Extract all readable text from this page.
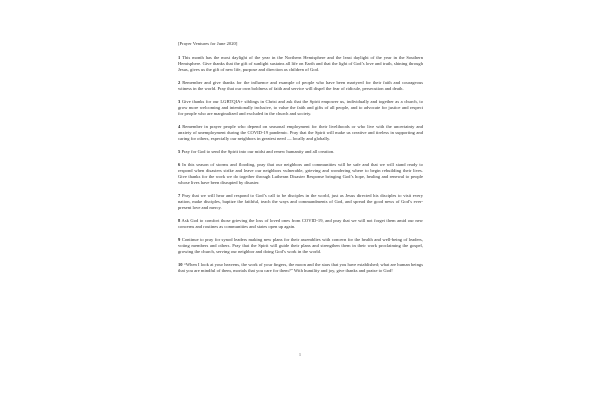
[Prayer Ventures for June 2020]

1 This month has the most daylight of the year in the Northern Hemisphere and the least daylight of the year in the Southern Hemisphere. Give thanks that the gift of sunlight sustains all life on Earth and that the light of God’s love and truth, shining through Jesus, gives us the gift of new life, purpose and direction as children of God.

2 Remember and give thanks for the influence and example of people who have been martyred for their faith and courageous witness in the world. Pray that our own boldness of faith and service will dispel the fear of ridicule, persecution and death.

3 Give thanks for our LGBTQIA+ siblings in Christ and ask that the Spirit empower us, individually and together as a church, to grow more welcoming and intentionally inclusive, to value the faith and gifts of all people, and to advocate for justice and respect for people who are marginalized and excluded in the church and society.

4 Remember in prayer people who depend on seasonal employment for their livelihoods or who live with the uncertainty and anxiety of unemployment during the COVID-19 pandemic. Pray that the Spirit will make us creative and tireless in supporting and caring for others, especially our neighbors in greatest need — locally and globally.

5 Pray for God to send the Spirit into our midst and renew humanity and all creation.

6 In this season of storms and flooding, pray that our neighbors and communities will be safe and that we will stand ready to respond when disasters strike and leave our neighbors vulnerable, grieving and wondering where to begin rebuilding their lives. Give thanks for the work we do together through Lutheran Disaster Response bringing God’s hope, healing and renewal to people whose lives have been disrupted by disaster.

7 Pray that we will hear and respond to God’s call to be disciples in the world, just as Jesus directed his disciples to visit every nation, make disciples, baptize the faithful, teach the ways and commandments of God, and spread the good news of God’s ever-present love and mercy.

8 Ask God to comfort those grieving the loss of loved ones from COVID-19, and pray that we will not forget them amid our new concerns and routines as communities and states open up again.

9 Continue to pray for synod leaders making new plans for their assemblies with concern for the health and well-being of leaders, voting members and others. Pray that the Spirit will guide their plans and strengthen them in their work proclaiming the gospel, growing the church, serving our neighbor and doing God’s work in the world.

10 “When I look at your heavens, the work of your fingers, the moon and the stars that you have established; what are human beings that you are mindful of them, mortals that you care for them?” With humility and joy, give thanks and praise to God!

1
